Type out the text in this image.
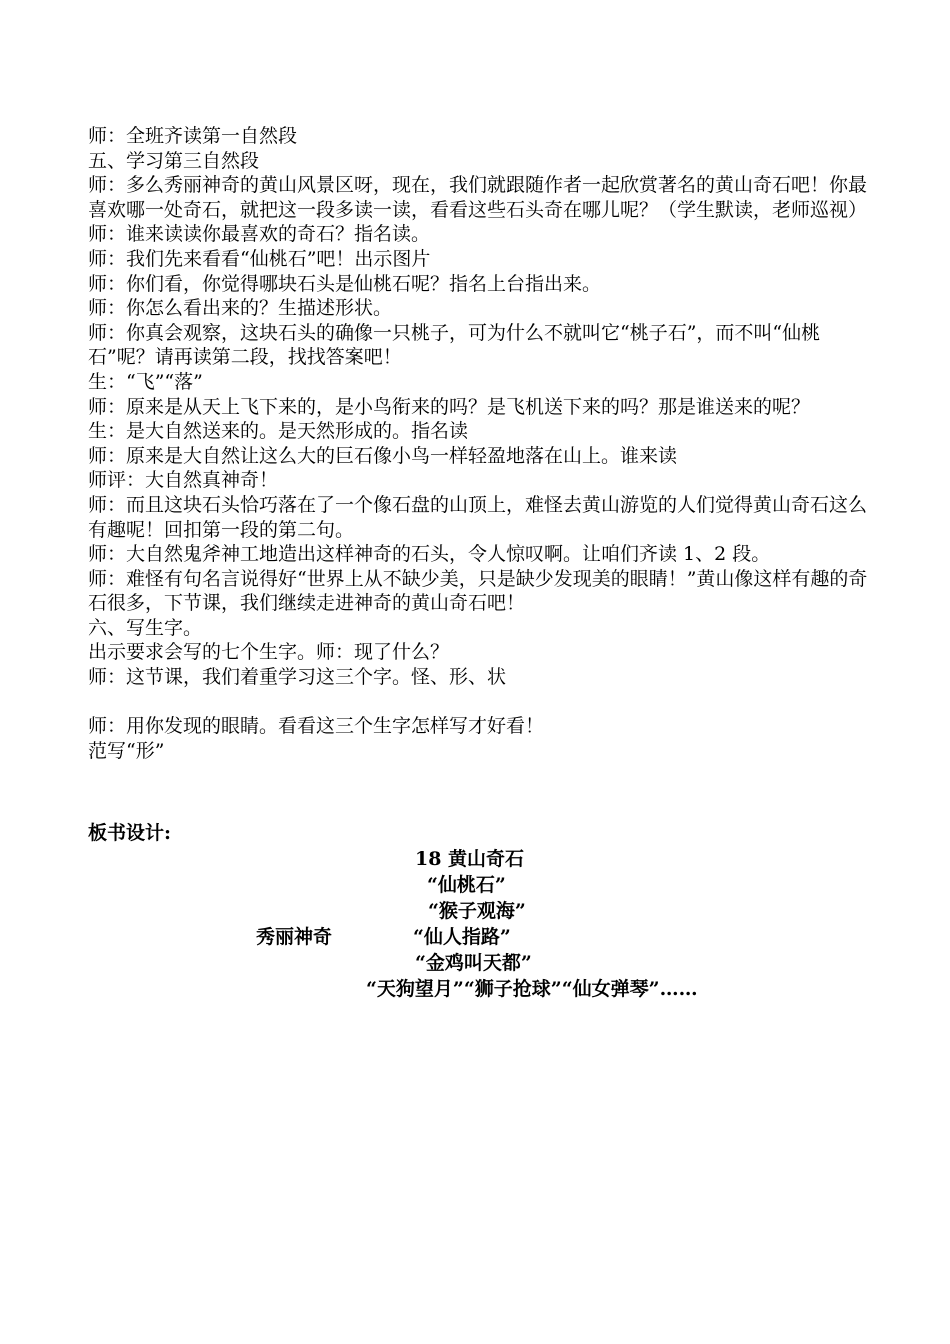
师：全班齐读第一自然段
五、学习第三自然段
师：多么秀丽神奇的黄山风景区呀，现在，我们就跟随作者一起欣赏著名的黄山奇石吧！你最喜欢哪一处奇石，就把这一段多读一读，看看这些石头奇在哪儿呢？（学生默读，老师巡视）
师：谁来读读你最喜欢的奇石？指名读。
师：我们先来看看“仙桃石”吧！出示图片
师：你们看，你觉得哪块石头是仙桃石呢？指名上台指出来。
师：你怎么看出来的？生描述形状。
师：你真会观察，这块石头的确像一只桃子，可为什么不就叫它“桃子石”，而不叫“仙桃石”呢？请再读第二段，找找答案吧！
生：“飞”“落”
师：原来是从天上飞下来的，是小鸟衔来的吗？是飞机送下来的吗？那是谁送来的呢？
生：是大自然送来的。是天然形成的。指名读
师：原来是大自然让这么大的巨石像小鸟一样轻盈地落在山上。谁来读
师评：大自然真神奇！
师：而且这块石头恰巧落在了一个像石盘的山顶上，难怪去黄山游览的人们觉得黄山奇石这么有趣呢！回扣第一段的第二句。
师：大自然鬼斧神工地造出这样神奇的石头，令人惊叹啊。让咱们齐读 1、2 段。
师：难怪有句名言说得好“世界上从不缺少美，只是缺少发现美的眼睛！”黄山像这样有趣的奇石很多，下节课，我们继续走进神奇的黄山奇石吧！
六、写生字。
出示要求会写的七个生字。师：现了什么？
师：这节课，我们着重学习这三个字。怪、形、状
师：用你发现的眼睛。看看这三个生字怎样写才好看！
范写“形”
板书设计:
18 黄山奇石
“仙桃石”
“猴子观海”
秀丽神奇	“仙人指路”
“金鸡叫天都”
“天狗望月”“狮子抢球”“仙女弹琴”……
